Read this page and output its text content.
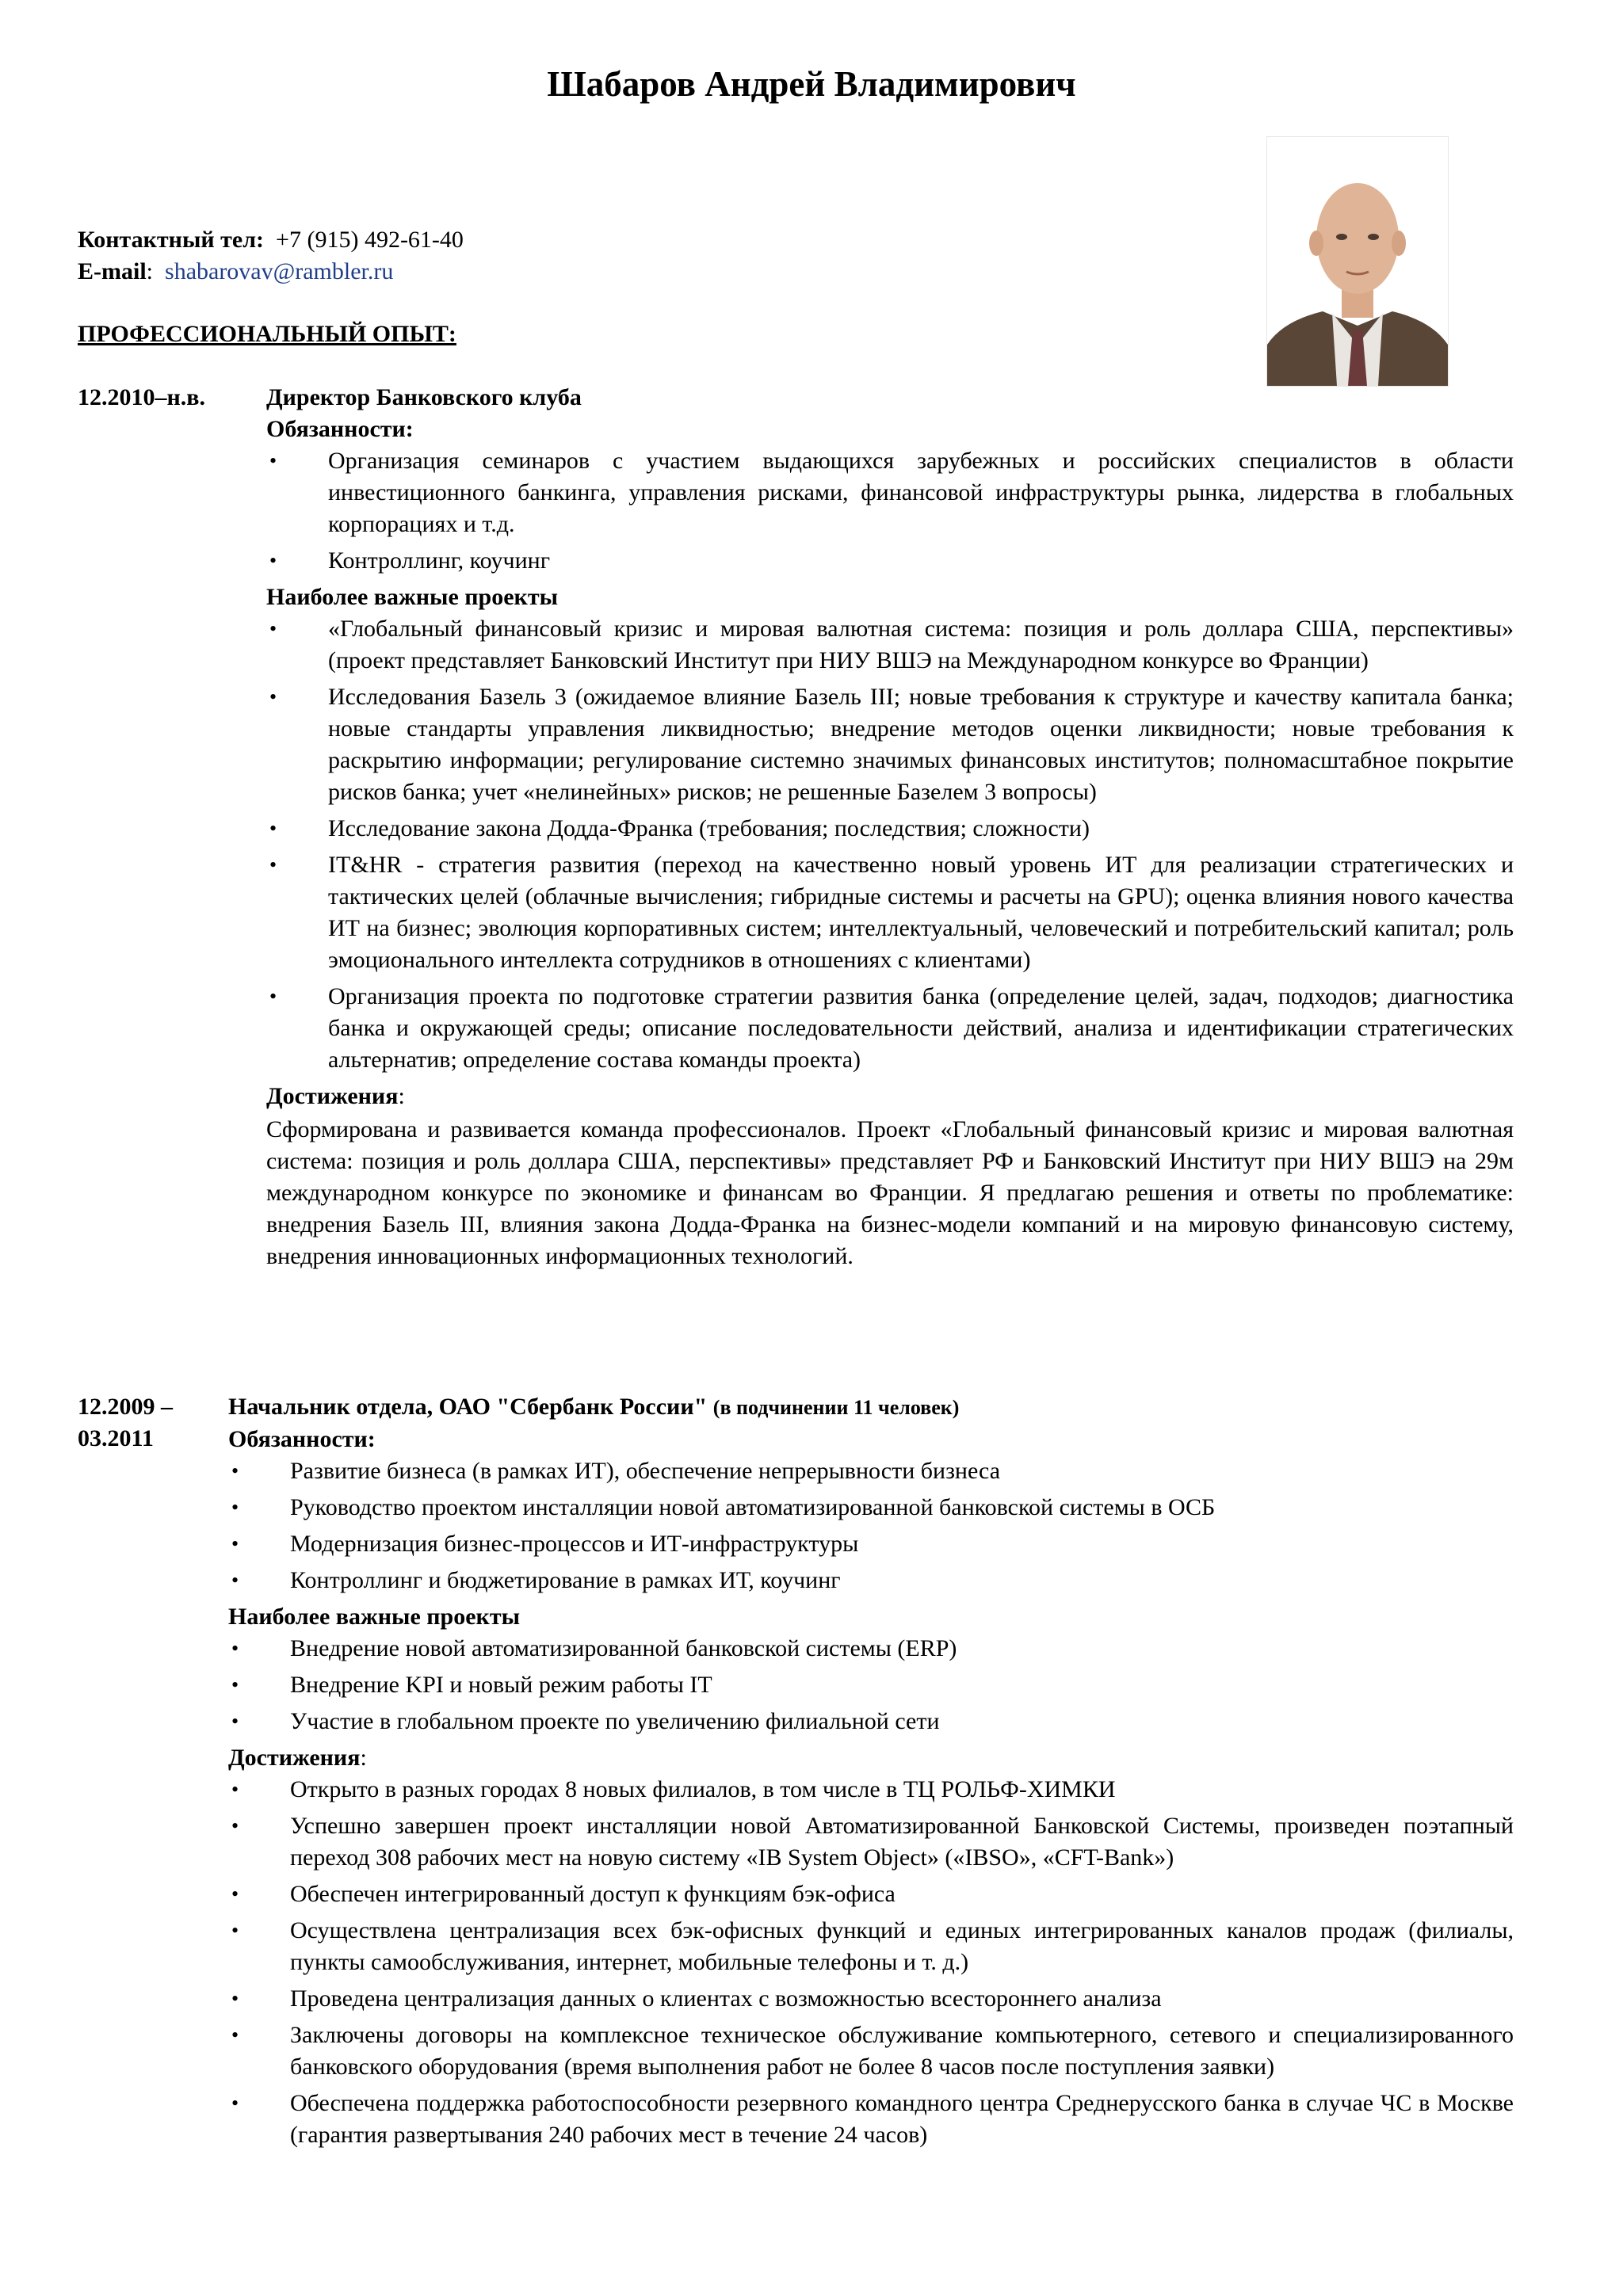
Шабаров Андрей Владимирович
Контактный тел: +7 (915) 492-61-40
E-mail: shabarovav@rambler.ru
ПРОФЕССИОНАЛЬНЫЙ ОПЫТ:
12.2010–н.в.	Директор Банковского клуба
Обязанности:
• Организация семинаров с участием выдающихся зарубежных и российских специалистов в области инвестиционного банкинга, управления рисками, финансовой инфраструктуры рынка, лидерства в глобальных корпорациях и т.д.
• Контроллинг, коучинг
Наиболее важные проекты
• «Глобальный финансовый кризис и мировая валютная система: позиция и роль доллара США, перспективы» (проект представляет Банковский Институт при НИУ ВШЭ на Международном конкурсе во Франции)
• Исследования Базель 3 (ожидаемое влияние Базель III; новые требования к структуре и качеству капитала банка; новые стандарты управления ликвидностью; внедрение методов оценки ликвидности; новые требования к раскрытию информации; регулирование системно значимых финансовых институтов; полномасштабное покрытие рисков банка; учет «нелинейных» рисков; не решенные Базелем 3 вопросы)
• Исследование закона Додда-Франка (требования; последствия; сложности)
• IT&HR - стратегия развития (переход на качественно новый уровень ИТ для реализации стратегических и тактических целей (облачные вычисления; гибридные системы и расчеты на GPU); оценка влияния нового качества ИТ на бизнес; эволюция корпоративных систем; интеллектуальный, человеческий и потребительский капитал; роль эмоционального интеллекта сотрудников в отношениях с клиентами)
• Организация проекта по подготовке стратегии развития банка (определение целей, задач, подходов; диагностика банка и окружающей среды; описание последовательности действий, анализа и идентификации стратегических альтернатив; определение состава команды проекта)
Достижения:
Сформирована и развивается команда профессионалов. Проект «Глобальный финансовый кризис и мировая валютная система: позиция и роль доллара США, перспективы» представляет РФ и Банковский Институт при НИУ ВШЭ на 29м международном конкурсе по экономике и финансам во Франции. Я предлагаю решения и ответы по проблематике: внедрения Базель III, влияния закона Додда-Франка на бизнес-модели компаний и на мировую финансовую систему, внедрения инновационных информационных технологий.
12.2009 –
03.2011
Начальник отдела, ОАО "Сбербанк России" (в подчинении 11 человек)
Обязанности:
• Развитие бизнеса (в рамках ИТ), обеспечение непрерывности бизнеса
• Руководство проектом инсталляции новой автоматизированной банковской системы в ОСБ
• Модернизация бизнес-процессов и ИТ-инфраструктуры
• Контроллинг и бюджетирование в рамках ИТ, коучинг
Наиболее важные проекты
• Внедрение новой автоматизированной банковской системы (ERP)
• Внедрение KPI и новый режим работы IT
• Участие в глобальном проекте по увеличению филиальной сети
Достижения:
• Открыто в разных городах 8 новых филиалов, в том числе в ТЦ РОЛЬФ-ХИМКИ
• Успешно завершен проект инсталляции новой Автоматизированной Банковской Системы, произведен поэтапный переход 308 рабочих мест на новую систему «IB System Object» («IBSO», «CFT-Bank»)
• Обеспечен интегрированный доступ к функциям бэк-офиса
• Осуществлена централизация всех бэк-офисных функций и единых интегрированных каналов продаж (филиалы, пункты самообслуживания, интернет, мобильные телефоны и т. д.)
• Проведена централизация данных о клиентах с возможностью всестороннего анализа
• Заключены договоры на комплексное техническое обслуживание компьютерного, сетевого и специализированного банковского оборудования (время выполнения работ не более 8 часов после поступления заявки)
• Обеспечена поддержка работоспособности резервного командного центра Среднерусского банка в случае ЧС в Москве (гарантия развертывания 240 рабочих мест в течение 24 часов)
